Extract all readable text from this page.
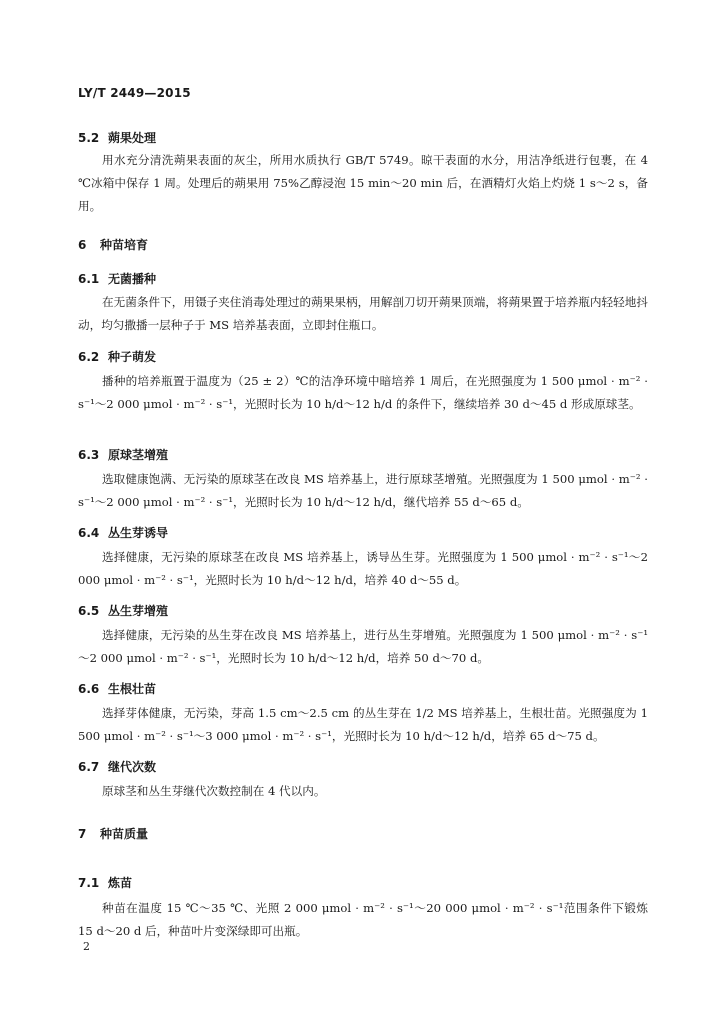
LY/T 2449—2015
5.2 蒴果处理

用水充分清洗蒴果表面的灰尘，所用水质执行 GB/T 5749。晾干表面的水分，用洁净纸进行包裹，在 4 ℃冰箱中保存 1 周。处理后的蒴果用 75%乙醇浸泡 15 min～20 min 后，在酒精灯火焰上灼烧 1 s～2 s，备用。

6 种苗培育
6.1 无菌播种

在无菌条件下，用镊子夹住消毒处理过的蒴果果柄，用解剖刀切开蒴果顶端，将蒴果置于培养瓶内轻轻地抖动，均匀撒播一层种子于 MS 培养基表面，立即封住瓶口。

6.2 种子萌发

播种的培养瓶置于温度为（25 ± 2）℃的洁净环境中暗培养 1 周后，在光照强度为 1 500 μmol · m⁻² · s⁻¹～2 000 μmol · m⁻² · s⁻¹，光照时长为 10 h/d～12 h/d 的条件下，继续培养 30 d～45 d 形成原球茎。

6.3 原球茎增殖

选取健康饱满、无污染的原球茎在改良 MS 培养基上，进行原球茎增殖。光照强度为 1 500 μmol · m⁻² · s⁻¹～2 000 μmol · m⁻² · s⁻¹，光照时长为 10 h/d～12 h/d，继代培养 55 d～65 d。

6.4 丛生芽诱导

选择健康，无污染的原球茎在改良 MS 培养基上，诱导丛生芽。光照强度为 1 500 μmol · m⁻² · s⁻¹～2 000 μmol · m⁻² · s⁻¹，光照时长为 10 h/d～12 h/d，培养 40 d～55 d。

6.5 丛生芽增殖

选择健康，无污染的丛生芽在改良 MS 培养基上，进行丛生芽增殖。光照强度为 1 500 μmol · m⁻² · s⁻¹～2 000 μmol · m⁻² · s⁻¹，光照时长为 10 h/d～12 h/d，培养 50 d～70 d。

6.6 生根壮苗

选择芽体健康，无污染，芽高 1.5 cm～2.5 cm 的丛生芽在 1/2 MS 培养基上，生根壮苗。光照强度为 1 500 μmol · m⁻² · s⁻¹～3 000 μmol · m⁻² · s⁻¹，光照时长为 10 h/d～12 h/d，培养 65 d～75 d。

6.7 继代次数

原球茎和丛生芽继代次数控制在 4 代以内。

7 种苗质量
7.1 炼苗

种苗在温度 15 ℃～35 ℃、光照 2 000 μmol · m⁻² · s⁻¹～20 000 μmol · m⁻² · s⁻¹范围条件下锻炼 15 d～20 d 后，种苗叶片变深绿即可出瓶。

2
